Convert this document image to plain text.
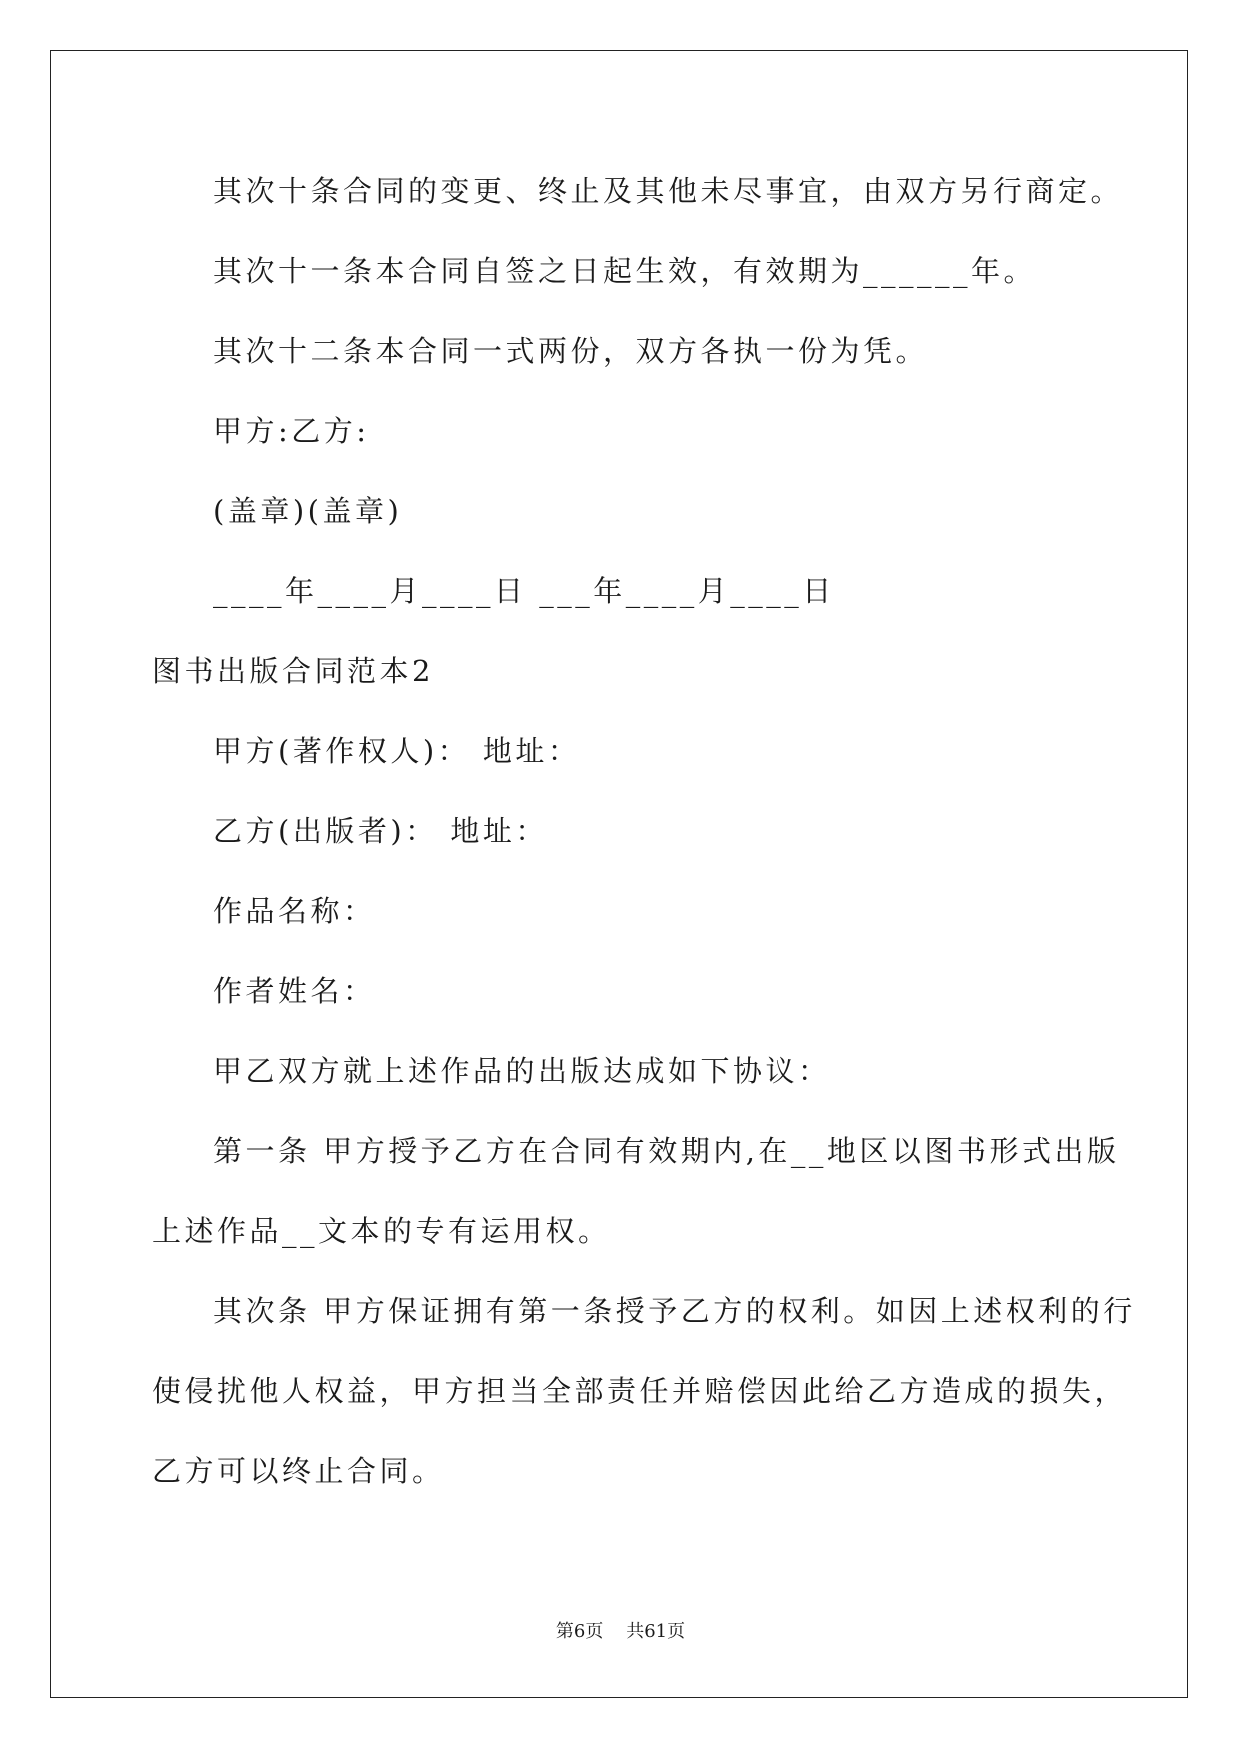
其次十条合同的变更、终止及其他未尽事宜，由双方另行商定。
其次十一条本合同自签之日起生效，有效期为______年。
其次十二条本合同一式两份，双方各执一份为凭。
甲方:乙方:
(盖章)(盖章)
____年____月____日 ___年____月____日
图书出版合同范本2
甲方(著作权人)： 地址：
乙方(出版者)： 地址：
作品名称：
作者姓名：
甲乙双方就上述作品的出版达成如下协议：
第一条 甲方授予乙方在合同有效期内,在__地区以图书形式出版
上述作品__文本的专有运用权。
其次条 甲方保证拥有第一条授予乙方的权利。如因上述权利的行
使侵扰他人权益，甲方担当全部责任并赔偿因此给乙方造成的损失，
乙方可以终止合同。
第6页    共61页
